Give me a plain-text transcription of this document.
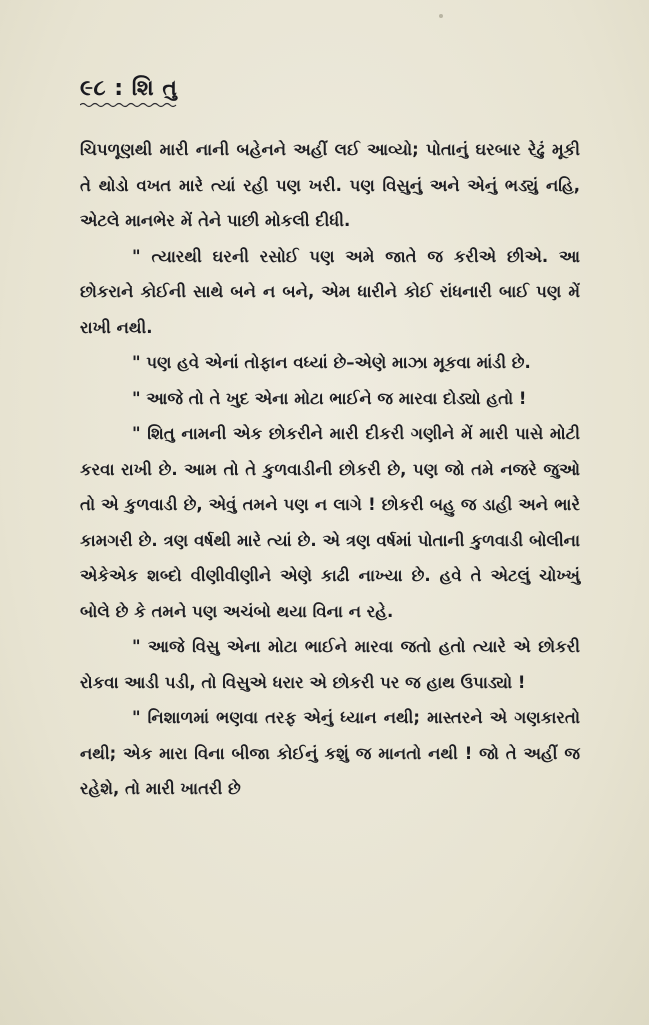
૯૮ : શિ તુ

ચિપળૂણથી મારી નાની બહેનને અહીં લઈ આવ્યો; પોતાનું ઘરબાર રેઢું મૂકી તે થોડો વખત મારે ત્યાં રહી પણ ખરી. પણ વિસુનું અને એનું ભડ્યું નહિ, એટલે માનભેર મેં તેને પાછી મોકલી દીધી.

" ત્યારથી ઘરની રસોઈ પણ અમે જાતે જ કરીએ છીએ. આ છોકરાને કોઈની સાથે બને ન બને, એમ ધારીને કોઈ રાંધનારી બાઈ પણ મેં રાખી નથી.

" પણ હવે એનાં તોફાન વધ્યાં છે–એણે માઝા મૂકવા માંડી છે.

" આજે તો તે ખુદ એના મોટા ભાઈને જ મારવા દોડ્યો હતો !

" શિતુ નામની એક છોકરીને મારી દીકરી ગણીને મેં મારી પાસે મોટી કરવા રાખી છે. આમ તો તે કુળવાડીની છોકરી છે, પણ જો તમે નજરે જુઓ તો એ કુળવાડી છે, એવું તમને પણ ન લાગે ! છોકરી બહુ જ ડાહી અને ભારે કામગરી છે. ત્રણ વર્ષથી મારે ત્યાં છે. એ ત્રણ વર્ષમાં પોતાની કુળવાડી બોલીના એકેએક શબ્દો વીણીવીણીને એણે કાઢી નાખ્યા છે. હવે તે એટલું ચોખ્ખું બોલે છે કે તમને પણ અચંબો થયા વિના ન રહે.

" આજે વિસુ એના મોટા ભાઈને મારવા જતો હતો ત્યારે એ છોકરી રોકવા આડી પડી, તો વિસુએ ધરાર એ છોકરી પર જ હાથ ઉપાડ્યો !

" નિશાળમાં ભણવા તરફ એનું ધ્યાન નથી; માસ્તરને એ ગણકારતો નથી; એક મારા વિના બીજા કોઈનું કશું જ માનતો નથી ! જો તે અહીં જ રહેશે, તો મારી ખાતરી છે
